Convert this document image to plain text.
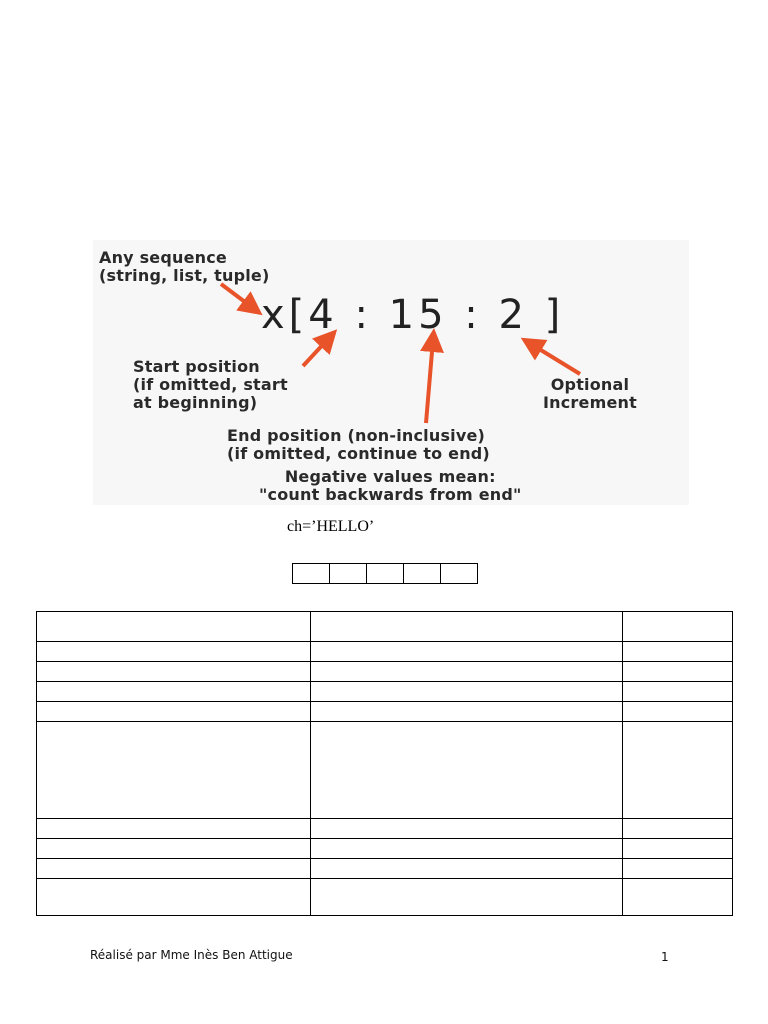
Any sequence
(string, list, tuple)
x[4 : 15 : 2 ]
Start position
(if omitted, start
at beginning)
Optional
Increment
End position (non-inclusive)
(if omitted, continue to end)
Negative values mean:
"count backwards from end"
ch=’HELLO’

Réalisé par Mme Inès Ben Attigue	1
